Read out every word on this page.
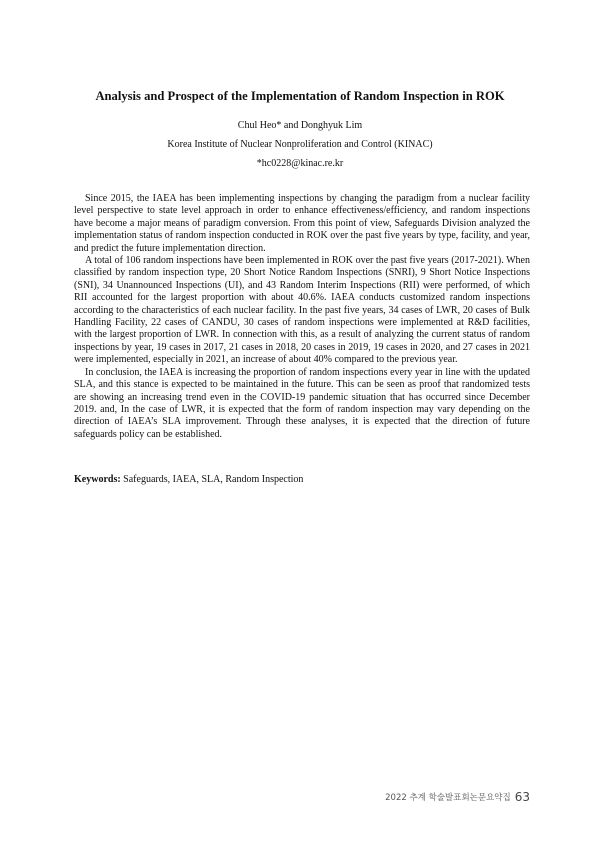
Analysis and Prospect of the Implementation of Random Inspection in ROK

Chul Heo* and Donghyuk Lim

Korea Institute of Nuclear Nonproliferation and Control (KINAC)

*hc0228@kinac.re.kr

Since 2015, the IAEA has been implementing inspections by changing the paradigm from a nuclear facility level perspective to state level approach in order to enhance effectiveness/efficiency, and random inspections have become a major means of paradigm conversion. From this point of view, Safeguards Division analyzed the implementation status of random inspection conducted in ROK over the past five years by type, facility, and year, and predict the future implementation direction.

A total of 106 random inspections have been implemented in ROK over the past five years (2017-2021). When classified by random inspection type, 20 Short Notice Random Inspections (SNRI), 9 Short Notice Inspections (SNI), 34 Unannounced Inspections (UI), and 43 Random Interim Inspections (RII) were performed, of which RII accounted for the largest proportion with about 40.6%. IAEA conducts customized random inspections according to the characteristics of each nuclear facility. In the past five years, 34 cases of LWR, 20 cases of Bulk Handling Facility, 22 cases of CANDU, 30 cases of random inspections were implemented at R&D facilities, with the largest proportion of LWR. In connection with this, as a result of analyzing the current status of random inspections by year, 19 cases in 2017, 21 cases in 2018, 20 cases in 2019, 19 cases in 2020, and 27 cases in 2021 were implemented, especially in 2021, an increase of about 40% compared to the previous year.

In conclusion, the IAEA is increasing the proportion of random inspections every year in line with the updated SLA, and this stance is expected to be maintained in the future. This can be seen as proof that randomized tests are showing an increasing trend even in the COVID-19 pandemic situation that has occurred since December 2019. and, In the case of LWR, it is expected that the form of random inspection may vary depending on the direction of IAEA’s SLA improvement. Through these analyses, it is expected that the direction of future safeguards policy can be established.

Keywords: Safeguards, IAEA, SLA, Random Inspection

2022 추계 학술발표회논문요약집 63
